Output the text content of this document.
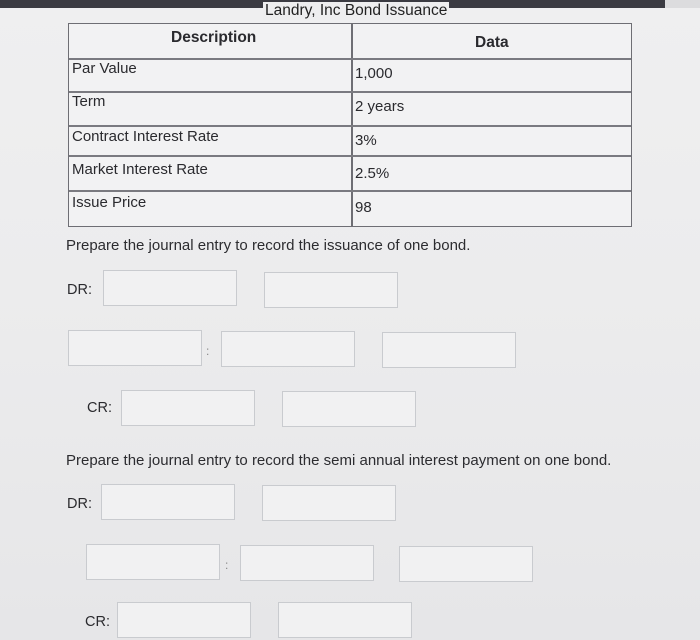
Landry, Inc Bond Issuance
Description	Data
Par Value	1,000
Term	2 years
Contract Interest Rate	3%
Market Interest Rate	2.5%
Issue Price	98
Prepare the journal entry to record the issuance of one bond.
DR:
:
CR:
Prepare the journal entry to record the semi annual interest payment on one bond.
DR:
:
CR:
